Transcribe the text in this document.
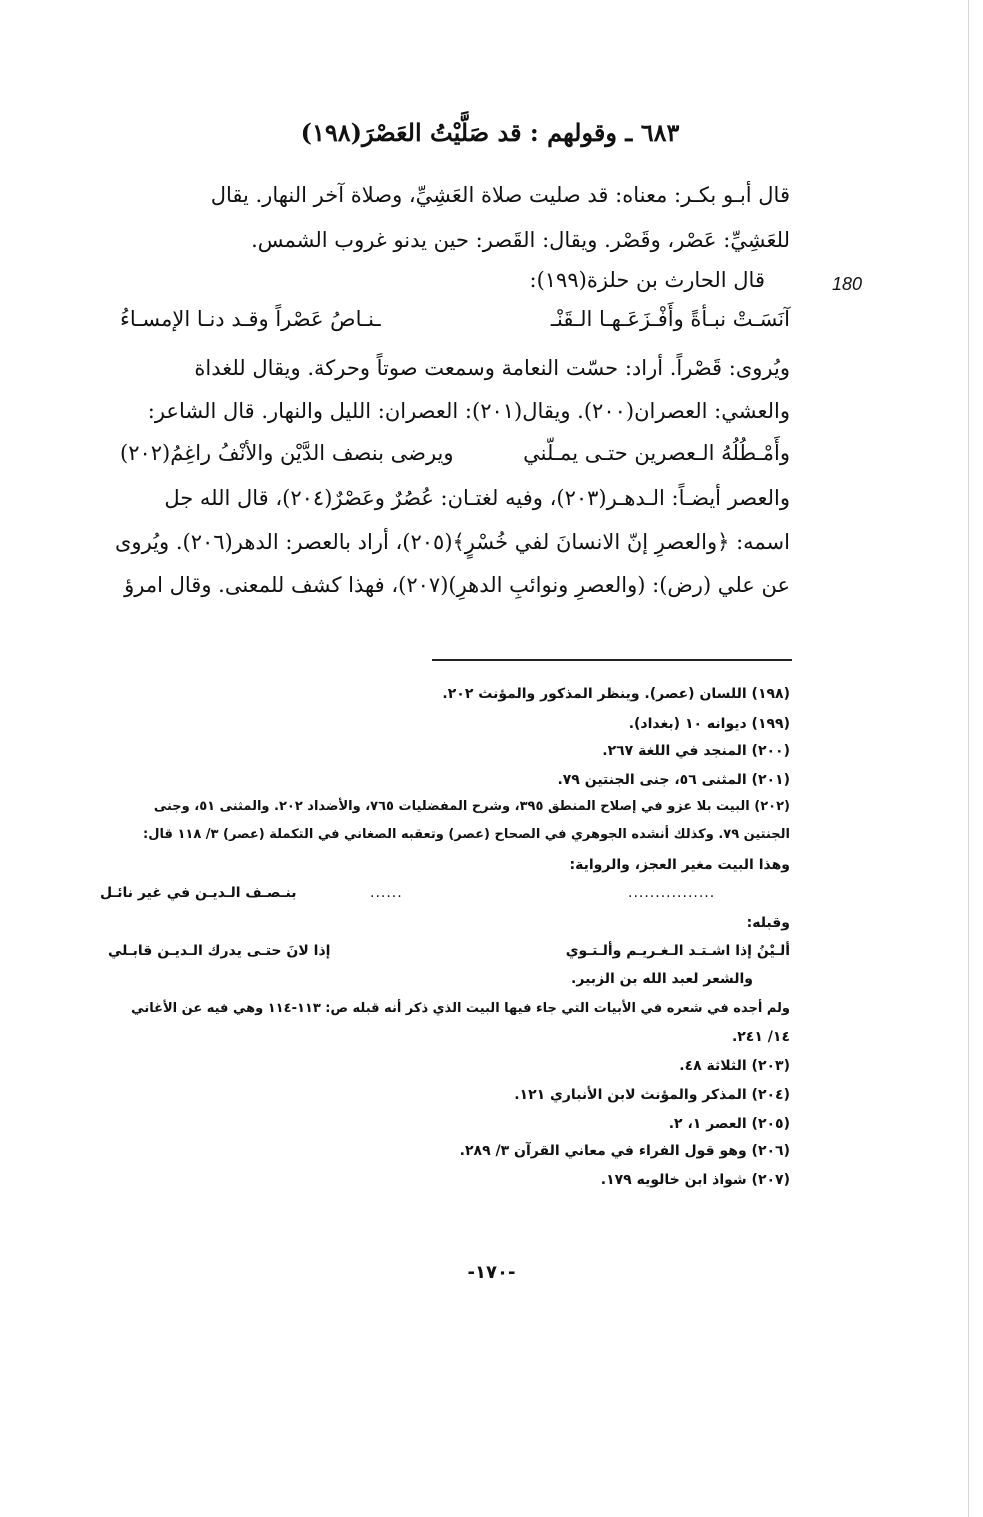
٦٨٣ ـ وقولهم : قد صَلَّيْتُ العَصْرَ(١٩٨)
180
قال أبـو بكـر: معناه: قد صليت صلاة العَشِيِّ، وصلاة آخر النهار. يقال
للعَشِيِّ: عَصْر، وقَصْر. ويقال: القَصر: حين يدنو غروب الشمس.
قال الحارث بن حلزة(١٩٩):
آنَسَـتْ نبـأةً وأَفْـزَعَـهـا الـقَنْـ
ـنـاصُ عَصْراً وقـد دنـا الإمسـاءُ
ويُروى: قَصْراً. أراد: حسّت النعامة وسمعت صوتاً وحركة. ويقال للغداة
والعشي: العصران(٢٠٠). ويقال(٢٠١): العصران: الليل والنهار. قال الشاعر:
وأَمْـطُلُهُ الـعصرين حتـى يمـلّني
ويرضى بنصف الدَّيْن والأنْفُ راغِمُ(٢٠٢)
والعصر أيضـاً: الـدهـر(٢٠٣)، وفيه لغتـان: عُصُرٌ وعَصْرٌ(٢٠٤)، قال الله جل
اسمه: ﴿والعصرِ إنّ الانسانَ لفي خُسْرٍ﴾(٢٠٥)، أراد بالعصر: الدهر(٢٠٦). ويُروى
عن علي (رض): (والعصرِ ونوائبِ الدهرِ)(٢٠٧)، فهذا كشف للمعنى. وقال امرؤ
(١٩٨) اللسان (عصر). وينظر المذكور والمؤنث ٢٠٢.
(١٩٩) ديوانه ١٠ (بغداد).
(٢٠٠) المنجد في اللغة ٢٦٧.
(٢٠١) المثنى ٥٦، جنى الجنتين ٧٩.
(٢٠٢) البيت بلا عزو في إصلاح المنطق ٣٩٥، وشرح المفضليات ٧٦٥، والأضداد ٢٠٢. والمثنى ٥١، وجنى
الجنتين ٧٩. وكذلك أنشده الجوهري في الصحاح (عصر) وتعقبه الصغاني في التكملة (عصر) ٣/ ١١٨ قال:
وهذا البيت مغير العجز، والرواية:
................
......
بنـصـف الـديـن في غير نائـل
وقبله:
ألـيْنُ إذا اشـتـد الـغـريـم وألـتـوي
إذا لانَ حتـى يدرك الـديـن قابـلي
والشعر لعبد الله بن الزبير.
ولم أجده في شعره في الأبيات التي جاء فيها البيت الذي ذكر أنه قبله ص: ١١٣-١١٤ وهي فيه عن الأغاني
١٤/ ٢٤١.
(٢٠٣) الثلاثة ٤٨.
(٢٠٤) المذكر والمؤنث لابن الأنباري ١٢١.
(٢٠٥) العصر ١، ٢.
(٢٠٦) وهو قول الفراء في معاني القرآن ٣/ ٢٨٩.
(٢٠٧) شواذ ابن خالويه ١٧٩.
-١٧٠-
